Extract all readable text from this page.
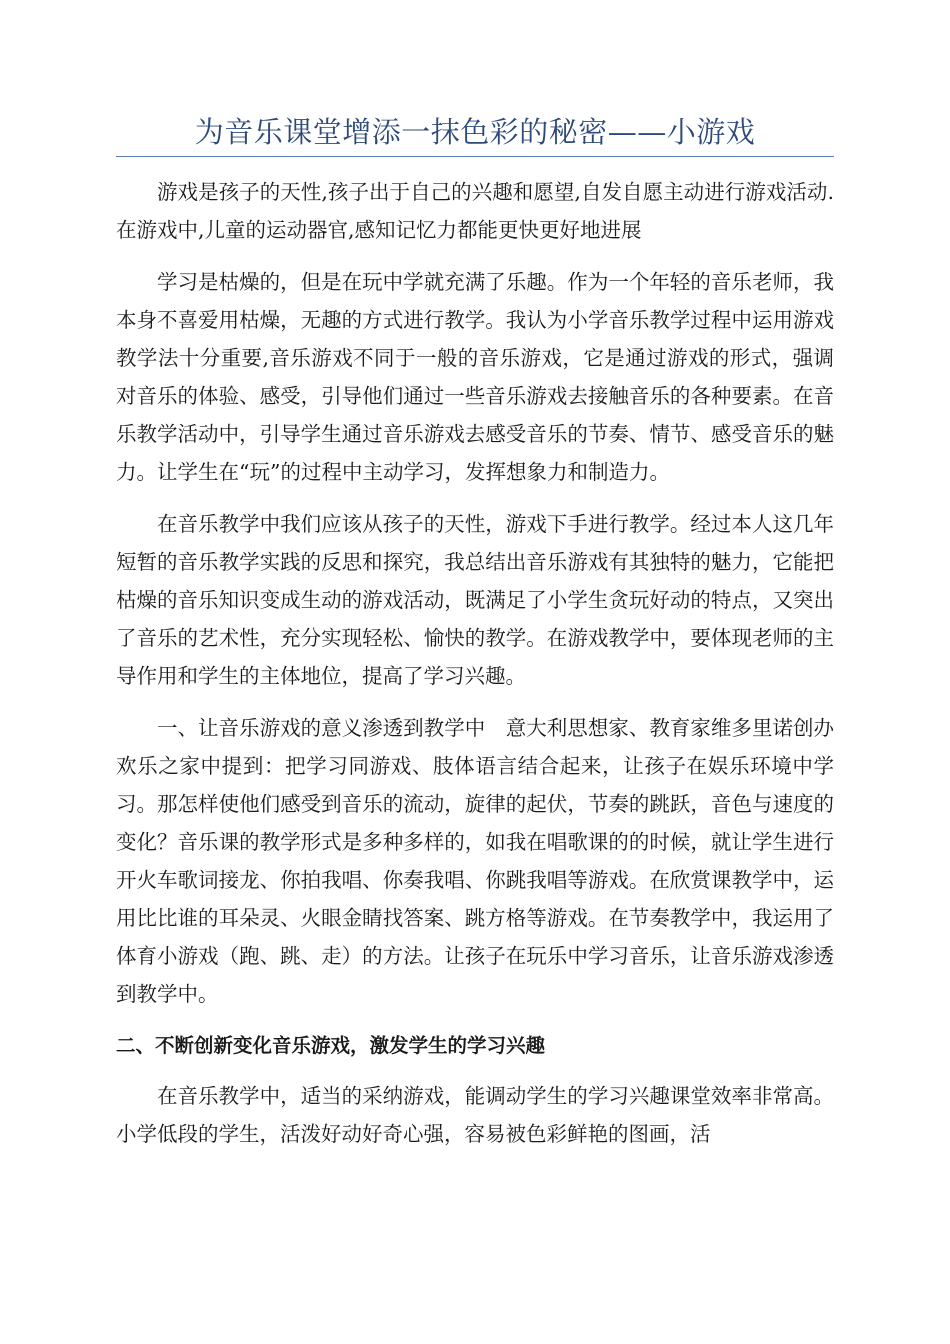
为音乐课堂增添一抹色彩的秘密——小游戏

游戏是孩子的天性,孩子出于自己的兴趣和愿望,自发自愿主动进行游戏活动.在游戏中,儿童的运动器官,感知记忆力都能更快更好地进展

学习是枯燥的，但是在玩中学就充满了乐趣。作为一个年轻的音乐老师，我本身不喜爱用枯燥，无趣的方式进行教学。我认为小学音乐教学过程中运用游戏教学法十分重要,音乐游戏不同于一般的音乐游戏，它是通过游戏的形式，强调对音乐的体验、感受，引导他们通过一些音乐游戏去接触音乐的各种要素。在音乐教学活动中，引导学生通过音乐游戏去感受音乐的节奏、情节、感受音乐的魅力。让学生在“玩”的过程中主动学习，发挥想象力和制造力。

在音乐教学中我们应该从孩子的天性，游戏下手进行教学。经过本人这几年短暂的音乐教学实践的反思和探究，我总结出音乐游戏有其独特的魅力，它能把枯燥的音乐知识变成生动的游戏活动，既满足了小学生贪玩好动的特点，又突出了音乐的艺术性，充分实现轻松、愉快的教学。在游戏教学中，要体现老师的主导作用和学生的主体地位，提高了学习兴趣。

一、让音乐游戏的意义渗透到教学中　意大利思想家、教育家维多里诺创办欢乐之家中提到：把学习同游戏、肢体语言结合起来，让孩子在娱乐环境中学习。那怎样使他们感受到音乐的流动，旋律的起伏，节奏的跳跃，音色与速度的变化？音乐课的教学形式是多种多样的，如我在唱歌课的的时候，就让学生进行开火车歌词接龙、你拍我唱、你奏我唱、你跳我唱等游戏。在欣赏课教学中，运用比比谁的耳朵灵、火眼金睛找答案、跳方格等游戏。在节奏教学中，我运用了体育小游戏（跑、跳、走）的方法。让孩子在玩乐中学习音乐，让音乐游戏渗透到教学中。

二、不断创新变化音乐游戏，激发学生的学习兴趣

在音乐教学中，适当的采纳游戏，能调动学生的学习兴趣课堂效率非常高。小学低段的学生，活泼好动好奇心强，容易被色彩鲜艳的图画，活
